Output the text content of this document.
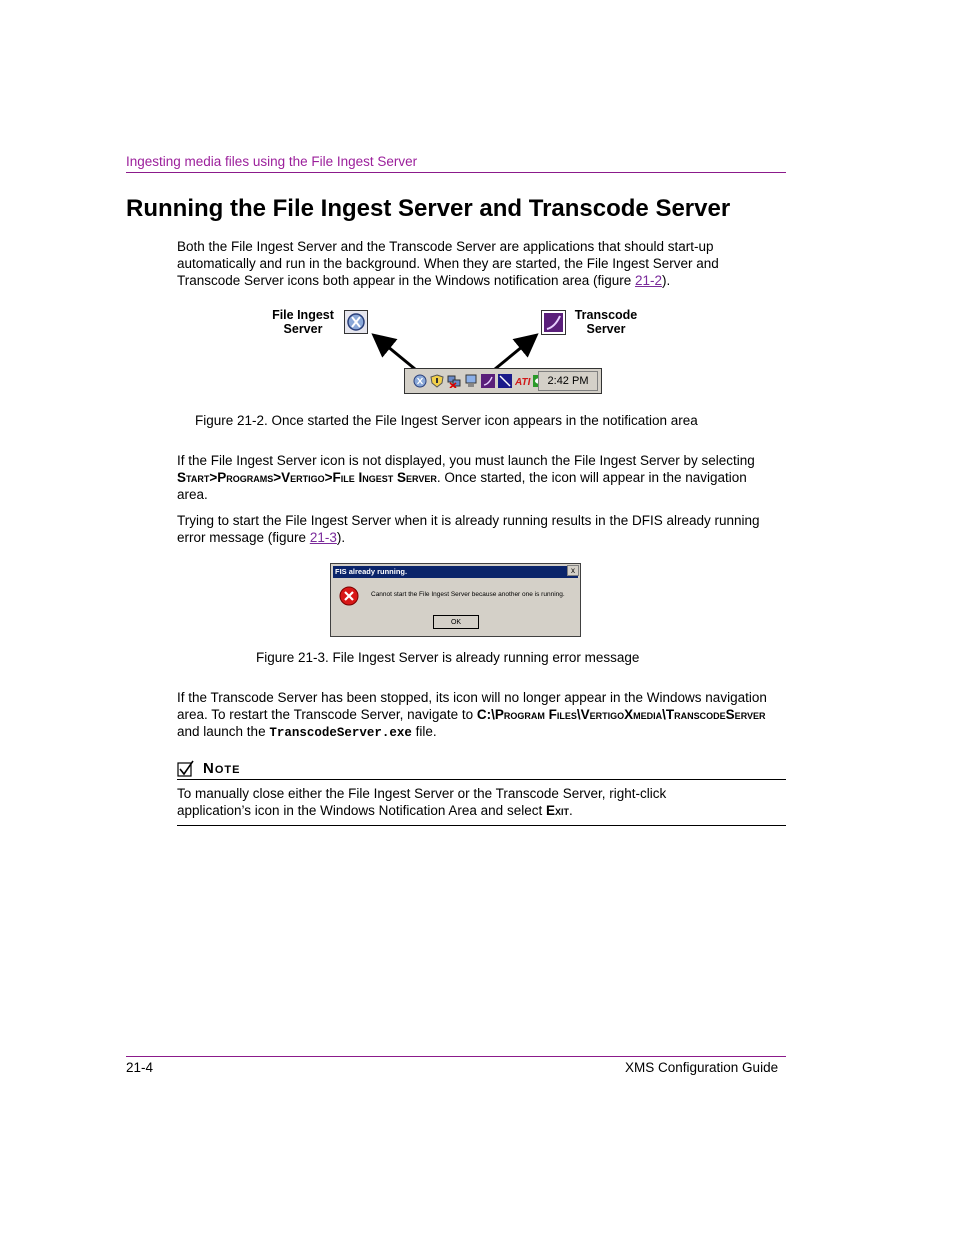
Ingesting media files using the File Ingest Server
Running the File Ingest Server and Transcode Server
Both the File Ingest Server and the Transcode Server are applications that should start-up automatically and run in the background. When they are started, the File Ingest Server and Transcode Server icons both appear in the Windows notification area (figure 21-2).
File Ingest
Server
Transcode
Server
ATI	2:42 PM
Figure 21-2. Once started the File Ingest Server icon appears in the notification area
If the File Ingest Server icon is not displayed, you must launch the File Ingest Server by selecting Start>Programs>Vertigo>File Ingest Server. Once started, the icon will appear in the navigation area.
Trying to start the File Ingest Server when it is already running results in the DFIS already running error message (figure 21-3).
FIS already running.	x
Cannot start the File Ingest Server because another one is running.
OK
Figure 21-3. File Ingest Server is already running error message
If the Transcode Server has been stopped, its icon will no longer appear in the Windows navigation area. To restart the Transcode Server, navigate to C:\Program Files\VertigoXmedia\TranscodeServer and launch the TranscodeServer.exe file.
Note
To manually close either the File Ingest Server or the Transcode Server, right-click application’s icon in the Windows Notification Area and select Exit.
21-4	XMS Configuration Guide
